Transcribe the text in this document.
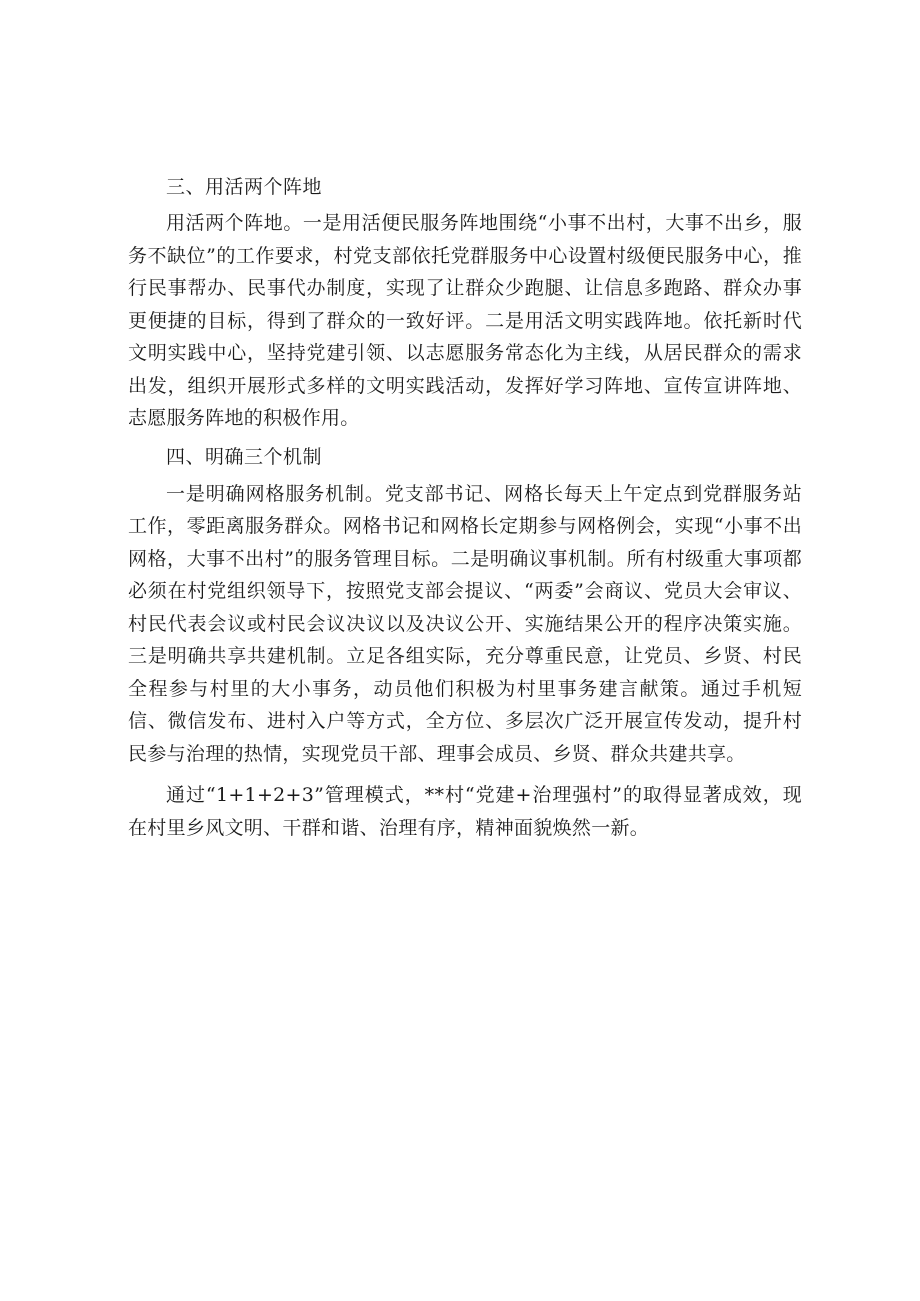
三、用活两个阵地

用活两个阵地。一是用活便民服务阵地围绕“小事不出村，大事不出乡，服务不缺位”的工作要求，村党支部依托党群服务中心设置村级便民服务中心，推行民事帮办、民事代办制度，实现了让群众少跑腿、让信息多跑路、群众办事更便捷的目标，得到了群众的一致好评。二是用活文明实践阵地。依托新时代文明实践中心，坚持党建引领、以志愿服务常态化为主线，从居民群众的需求出发，组织开展形式多样的文明实践活动，发挥好学习阵地、宣传宣讲阵地、志愿服务阵地的积极作用。

四、明确三个机制

一是明确网格服务机制。党支部书记、网格长每天上午定点到党群服务站工作，零距离服务群众。网格书记和网格长定期参与网格例会，实现“小事不出网格，大事不出村”的服务管理目标。二是明确议事机制。所有村级重大事项都必须在村党组织领导下，按照党支部会提议、“两委”会商议、党员大会审议、村民代表会议或村民会议决议以及决议公开、实施结果公开的程序决策实施。三是明确共享共建机制。立足各组实际，充分尊重民意，让党员、乡贤、村民全程参与村里的大小事务，动员他们积极为村里事务建言献策。通过手机短信、微信发布、进村入户等方式，全方位、多层次广泛开展宣传发动，提升村民参与治理的热情，实现党员干部、理事会成员、乡贤、群众共建共享。

通过“1+1+2+3”管理模式，**村“党建+治理强村”的取得显著成效，现在村里乡风文明、干群和谐、治理有序，精神面貌焕然一新。
